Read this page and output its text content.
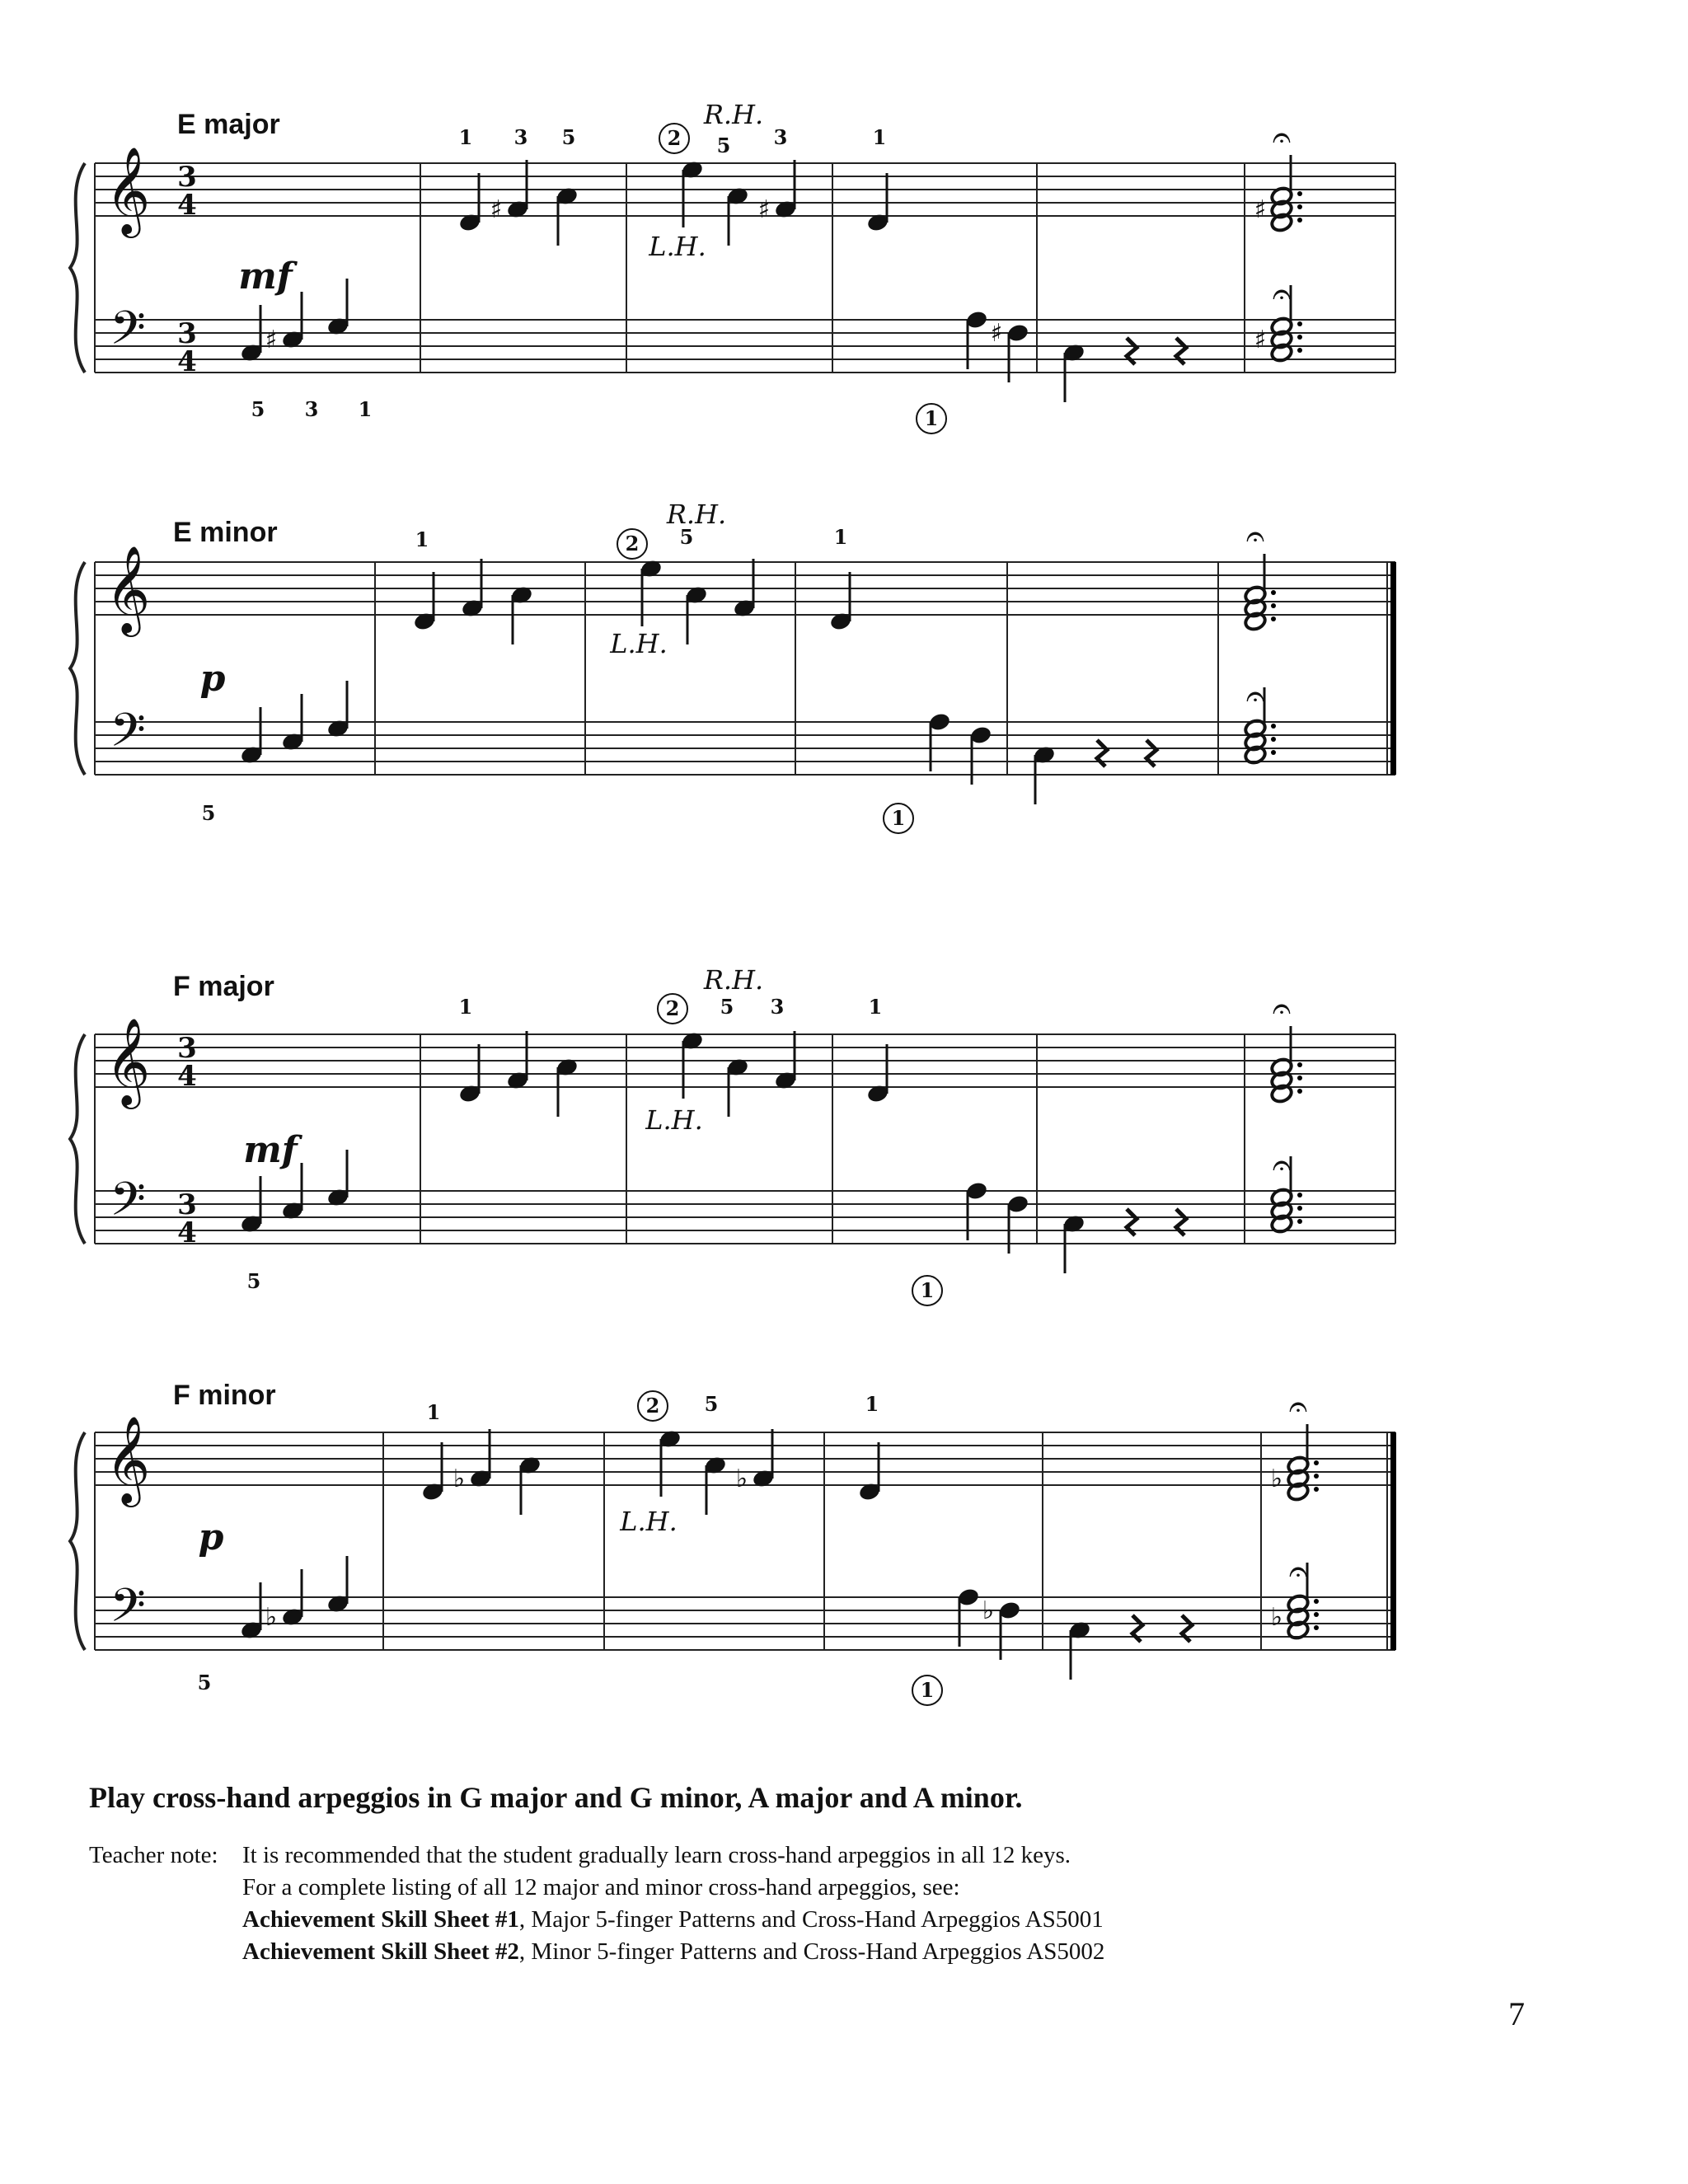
E major
𝄞 3
4
𝄢 3
4
♯
♯	♯
♯
♯
𝄐
♯
𝄐
1 3 5	5 3	1
5 3 1
2
1
R.H.
L.H.
mf
E minor
𝄞
𝄢
𝄐
𝄐
1	5	1
5
2
1
R.H.
L.H.
p
F major
𝄞 3
4
𝄢 3
4
𝄐
𝄐
1	5 3	1
5
2
1
R.H.
L.H.
mf
F minor
𝄞
𝄢	♭
♭	♭
♭
♭
𝄐
♭
𝄐
1	5	1
5
2
1
L.H.
p
Play cross-hand arpeggios in G major and G minor, A major and A minor.
Teacher note:	It is recommended that the student gradually learn cross-hand arpeggios in all 12 keys.
For a complete listing of all 12 major and minor cross-hand arpeggios, see:
Achievement Skill Sheet #1, Major 5-finger Patterns and Cross-Hand Arpeggios AS5001
Achievement Skill Sheet #2, Minor 5-finger Patterns and Cross-Hand Arpeggios AS5002
7
